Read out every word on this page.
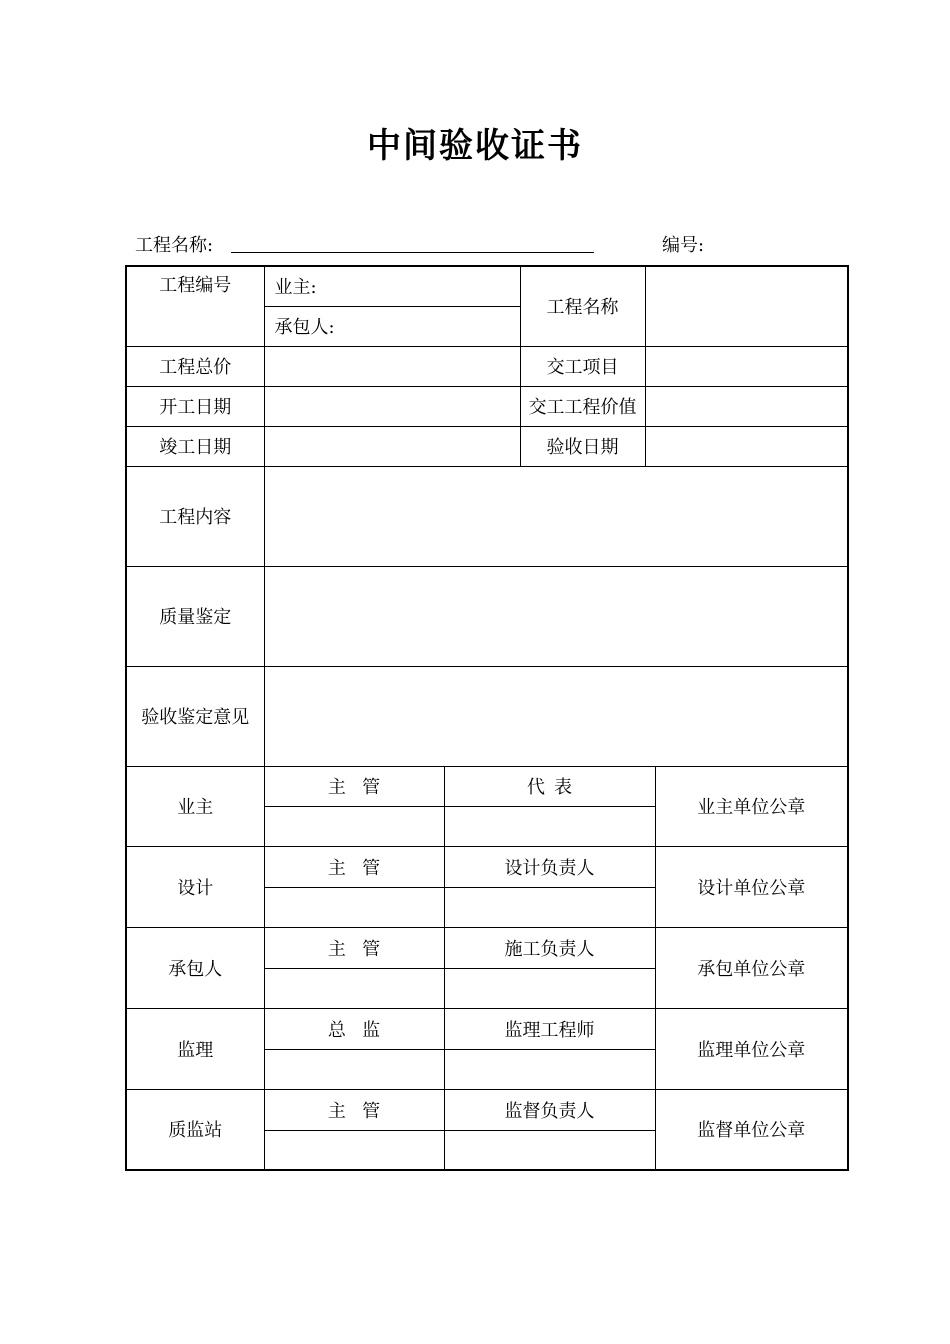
中间验收证书
工程名称:	编号:
工程编号	业主:		工程名称		
	承包人:				
工程总价			交工项目		
开工日期			交工工程价值		
竣工日期			验收日期		
工程内容					
质量鉴定					
验收鉴定意见					
业主	主管	代表			业主单位公章

设计	主管	设计负责人			设计单位公章

承包人	主管	施工负责人			承包单位公章

监理	总监	监理工程师			监理单位公章

质监站	主管	监督负责人			监督单位公章
